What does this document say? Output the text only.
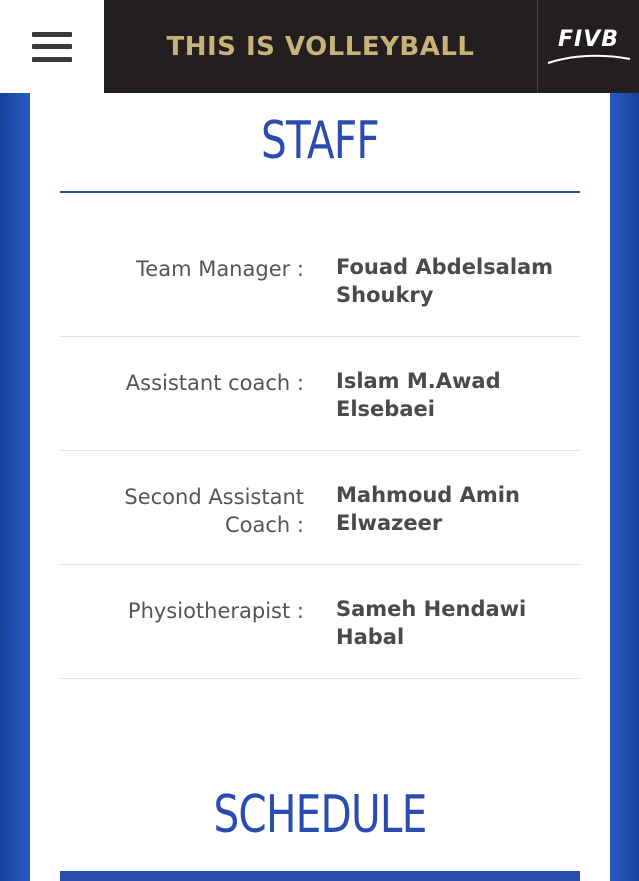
THIS IS VOLLEYBALL	FIVB
STAFF
Team Manager : Fouad Abdelsalam Shoukry
Assistant coach : Islam M.Awad Elsebaei
Second Assistant Coach :
Mahmoud Amin Elwazeer
Physiotherapist : Sameh Hendawi Habal
SCHEDULE
